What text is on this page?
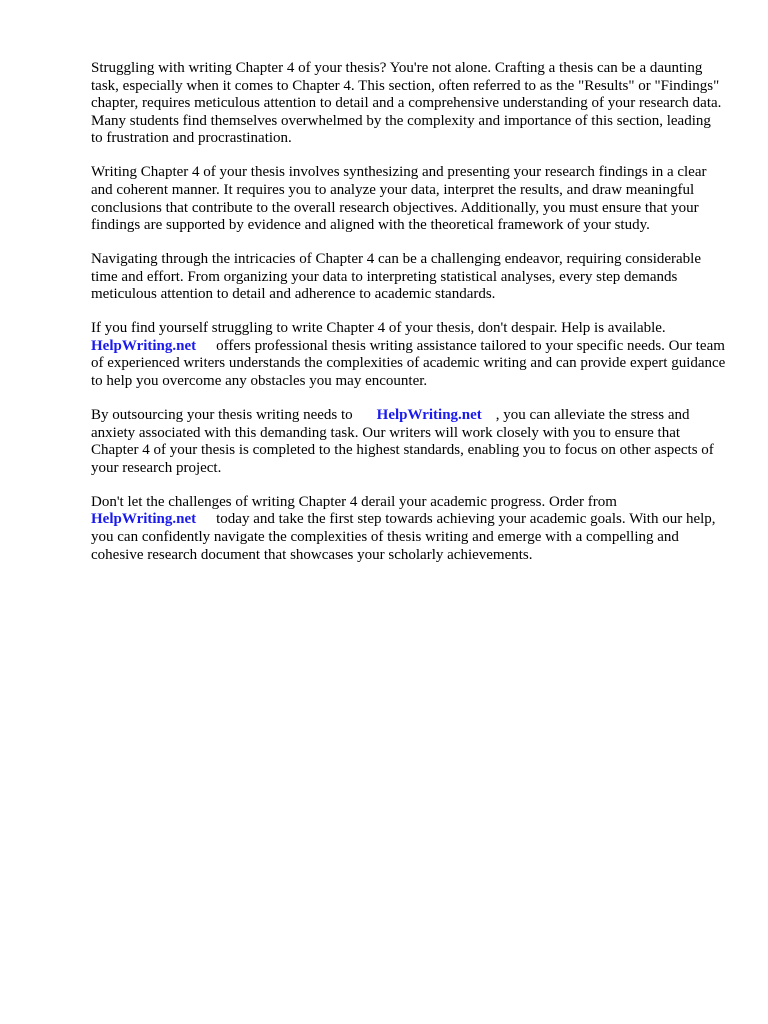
Struggling with writing Chapter 4 of your thesis? You're not alone. Crafting a thesis can be a daunting task, especially when it comes to Chapter 4. This section, often referred to as the "Results" or "Findings" chapter, requires meticulous attention to detail and a comprehensive understanding of your research data. Many students find themselves overwhelmed by the complexity and importance of this section, leading to frustration and procrastination.

Writing Chapter 4 of your thesis involves synthesizing and presenting your research findings in a clear and coherent manner. It requires you to analyze your data, interpret the results, and draw meaningful conclusions that contribute to the overall research objectives. Additionally, you must ensure that your findings are supported by evidence and aligned with the theoretical framework of your study.

Navigating through the intricacies of Chapter 4 can be a challenging endeavor, requiring considerable time and effort. From organizing your data to interpreting statistical analyses, every step demands meticulous attention to detail and adherence to academic standards.

If you find yourself struggling to write Chapter 4 of your thesis, don't despair. Help is available.
HelpWriting.net offers professional thesis writing assistance tailored to your specific needs. Our team of experienced writers understands the complexities of academic writing and can provide expert guidance to help you overcome any obstacles you may encounter.

By outsourcing your thesis writing needs to HelpWriting.net , you can alleviate the stress and anxiety associated with this demanding task. Our writers will work closely with you to ensure that Chapter 4 of your thesis is completed to the highest standards, enabling you to focus on other aspects of your research project.

Don't let the challenges of writing Chapter 4 derail your academic progress. Order from
HelpWriting.net today and take the first step towards achieving your academic goals. With our help, you can confidently navigate the complexities of thesis writing and emerge with a compelling and cohesive research document that showcases your scholarly achievements.
